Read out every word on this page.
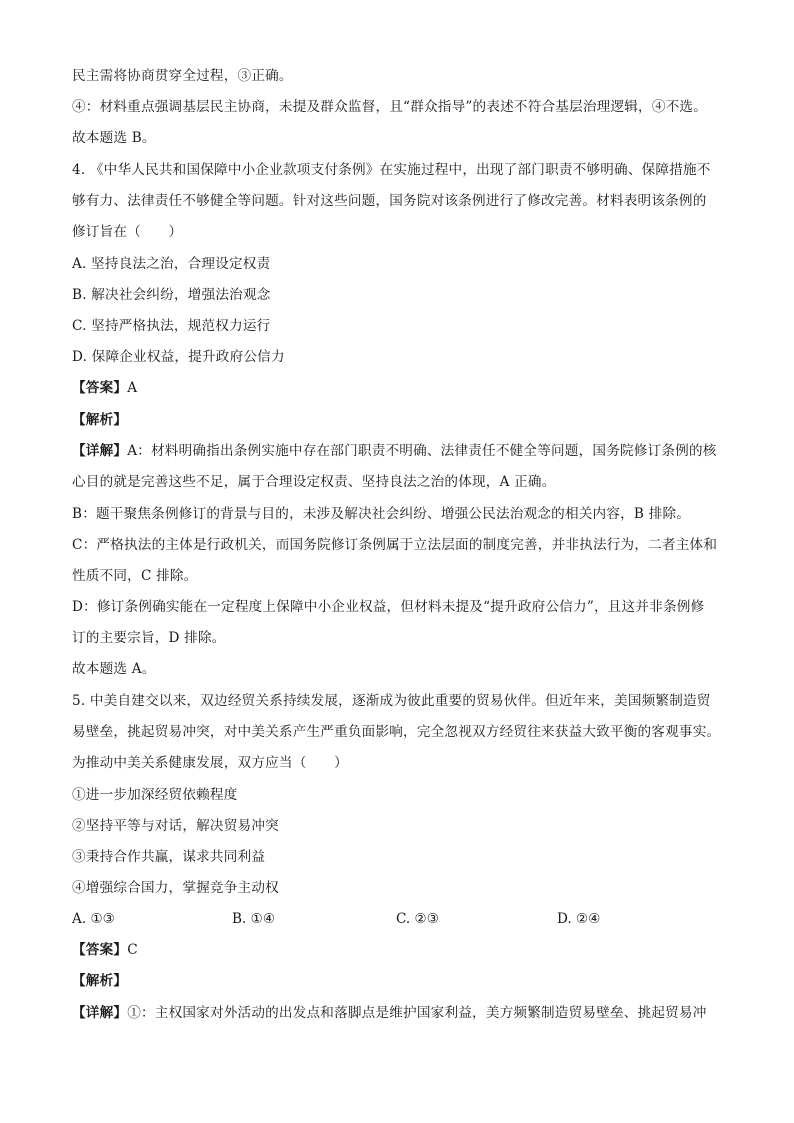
民主需将协商贯穿全过程，③正确。
④：材料重点强调基层民主协商，未提及群众监督，且“群众指导”的表述不符合基层治理逻辑，④不选。
故本题选 B。
4. 《中华人民共和国保障中小企业款项支付条例》在实施过程中，出现了部门职责不够明确、保障措施不
够有力、法律责任不够健全等问题。针对这些问题，国务院对该条例进行了修改完善。材料表明该条例的
修订旨在（　　）
A. 坚持良法之治，合理设定权责
B. 解决社会纠纷，增强法治观念
C. 坚持严格执法，规范权力运行
D. 保障企业权益，提升政府公信力
【答案】A
【解析】
【详解】A：材料明确指出条例实施中存在部门职责不明确、法律责任不健全等问题，国务院修订条例的核
心目的就是完善这些不足，属于合理设定权责、坚持良法之治的体现，A 正确。
B：题干聚焦条例修订的背景与目的，未涉及解决社会纠纷、增强公民法治观念的相关内容，B 排除。
C：严格执法的主体是行政机关，而国务院修订条例属于立法层面的制度完善，并非执法行为，二者主体和
性质不同，C 排除。
D：修订条例确实能在一定程度上保障中小企业权益，但材料未提及“提升政府公信力”，且这并非条例修
订的主要宗旨，D 排除。
故本题选 A。
5. 中美自建交以来，双边经贸关系持续发展，逐渐成为彼此重要的贸易伙伴。但近年来，美国频繁制造贸
易壁垒，挑起贸易冲突，对中美关系产生严重负面影响，完全忽视双方经贸往来获益大致平衡的客观事实。
为推动中美关系健康发展，双方应当（　　）
①进一步加深经贸依赖程度
②坚持平等与对话，解决贸易冲突
③秉持合作共赢，谋求共同利益
④增强综合国力，掌握竞争主动权
A. ①③	B. ①④	C. ②③	D. ②④
【答案】C
【解析】
【详解】①：主权国家对外活动的出发点和落脚点是维护国家利益，美方频繁制造贸易壁垒、挑起贸易冲
